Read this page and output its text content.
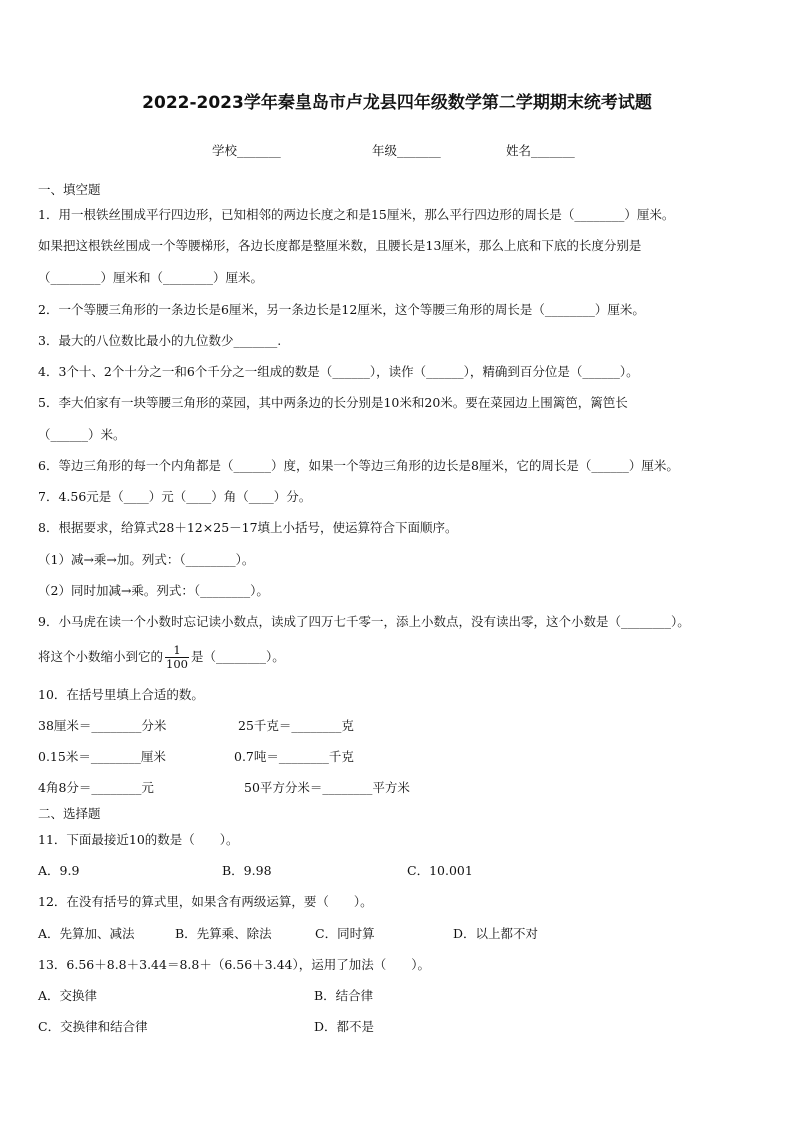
2022-2023学年秦皇岛市卢龙县四年级数学第二学期期末统考试题
学校_______	年级_______	姓名_______
一、填空题
1．用一根铁丝围成平行四边形，已知相邻的两边长度之和是15厘米，那么平行四边形的周长是（________）厘米。
如果把这根铁丝围成一个等腰梯形，各边长度都是整厘米数，且腰长是13厘米，那么上底和下底的长度分别是
（________）厘米和（________）厘米。
2．一个等腰三角形的一条边长是6厘米，另一条边长是12厘米，这个等腰三角形的周长是（________）厘米。
3．最大的八位数比最小的九位数少_______.
4．3个十、2个十分之一和6个千分之一组成的数是（______），读作（______），精确到百分位是（______）。
5．李大伯家有一块等腰三角形的菜园，其中两条边的长分别是10米和20米。要在菜园边上围篱笆，篱笆长
（______）米。
6．等边三角形的每一个内角都是（______）度，如果一个等边三角形的边长是8厘米，它的周长是（______）厘米。
7．4.56元是（____）元（____）角（____）分。
8．根据要求，给算式28＋12×25－17填上小括号，使运算符合下面顺序。
（1）减→乘→加。列式：（________）。
（2）同时加减→乘。列式：（________）。
9．小马虎在读一个小数时忘记读小数点，读成了四万七千零一，添上小数点，没有读出零，这个小数是（________）。
将这个小数缩小到它的 $\frac{1}{100}$ 是（________）。
10．在括号里填上合适的数。
38厘米＝________分米	25千克＝________克
0.15米＝________厘米	0.7吨＝________千克
4角8分＝________元	50平方分米＝________平方米
二、选择题
11．下面最接近10的数是（　　）。
A．9.9	B．9.98	C．10.001
12．在没有括号的算式里，如果含有两级运算，要（　　）。
A．先算加、减法	B．先算乘、除法	C．同时算	D．以上都不对
13．6.56＋8.8＋3.44＝8.8＋（6.56＋3.44），运用了加法（　　）。
A．交换律	B．结合律
C．交换律和结合律	D．都不是
